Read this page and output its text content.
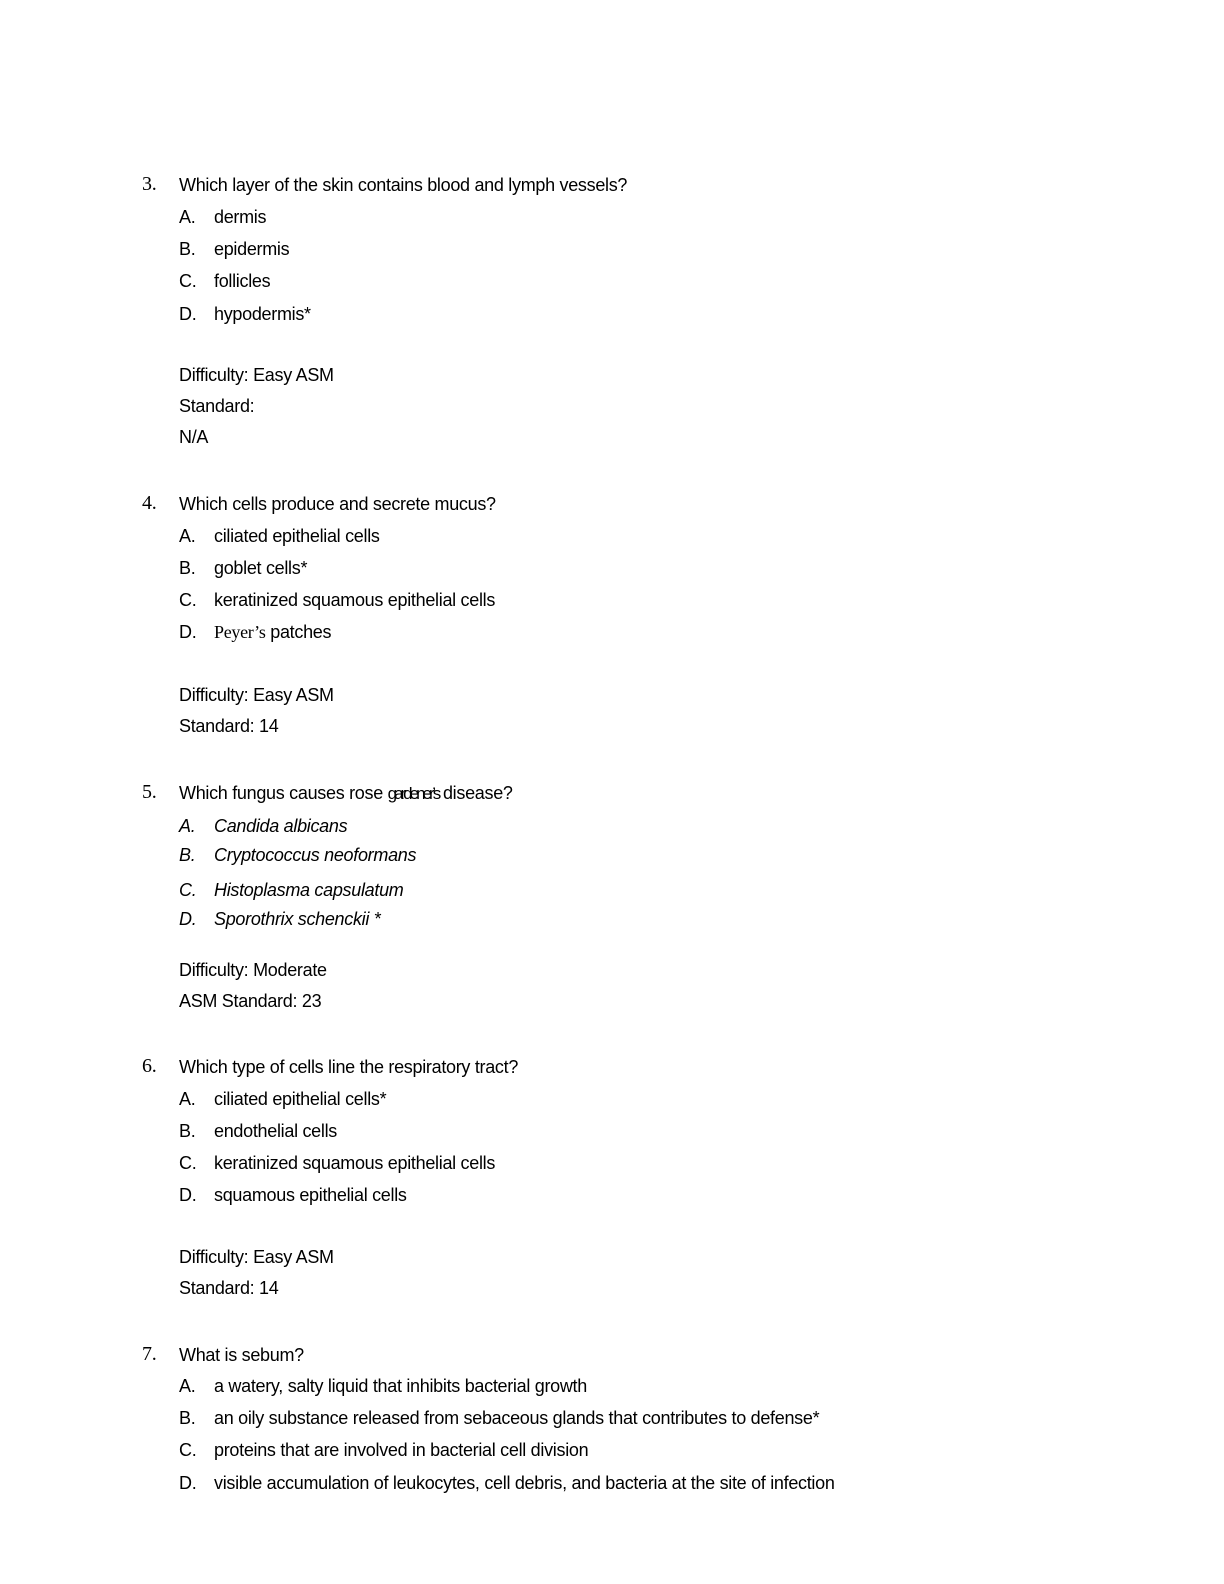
3. Which layer of the skin contains blood and lymph vessels?
A. dermis
B. epidermis
C. follicles
D. hypodermis*
Difficulty: Easy ASM
Standard:
N/A
4. Which cells produce and secrete mucus?
A. ciliated epithelial cells
B. goblet cells*
C. keratinized squamous epithelial cells
D. Peyer’s patches
Difficulty: Easy ASM
Standard: 14
5. Which fungus causes rose gardener’s disease?
A. Candida albicans
B. Cryptococcus neoformans
C. Histoplasma capsulatum
D. Sporothrix schenckii *
Difficulty: Moderate
ASM Standard: 23
6. Which type of cells line the respiratory tract?
A. ciliated epithelial cells*
B. endothelial cells
C. keratinized squamous epithelial cells
D. squamous epithelial cells
Difficulty: Easy ASM
Standard: 14
7. What is sebum?
A. a watery, salty liquid that inhibits bacterial growth
B. an oily substance released from sebaceous glands that contributes to defense*
C. proteins that are involved in bacterial cell division
D. visible accumulation of leukocytes, cell debris, and bacteria at the site of infection
